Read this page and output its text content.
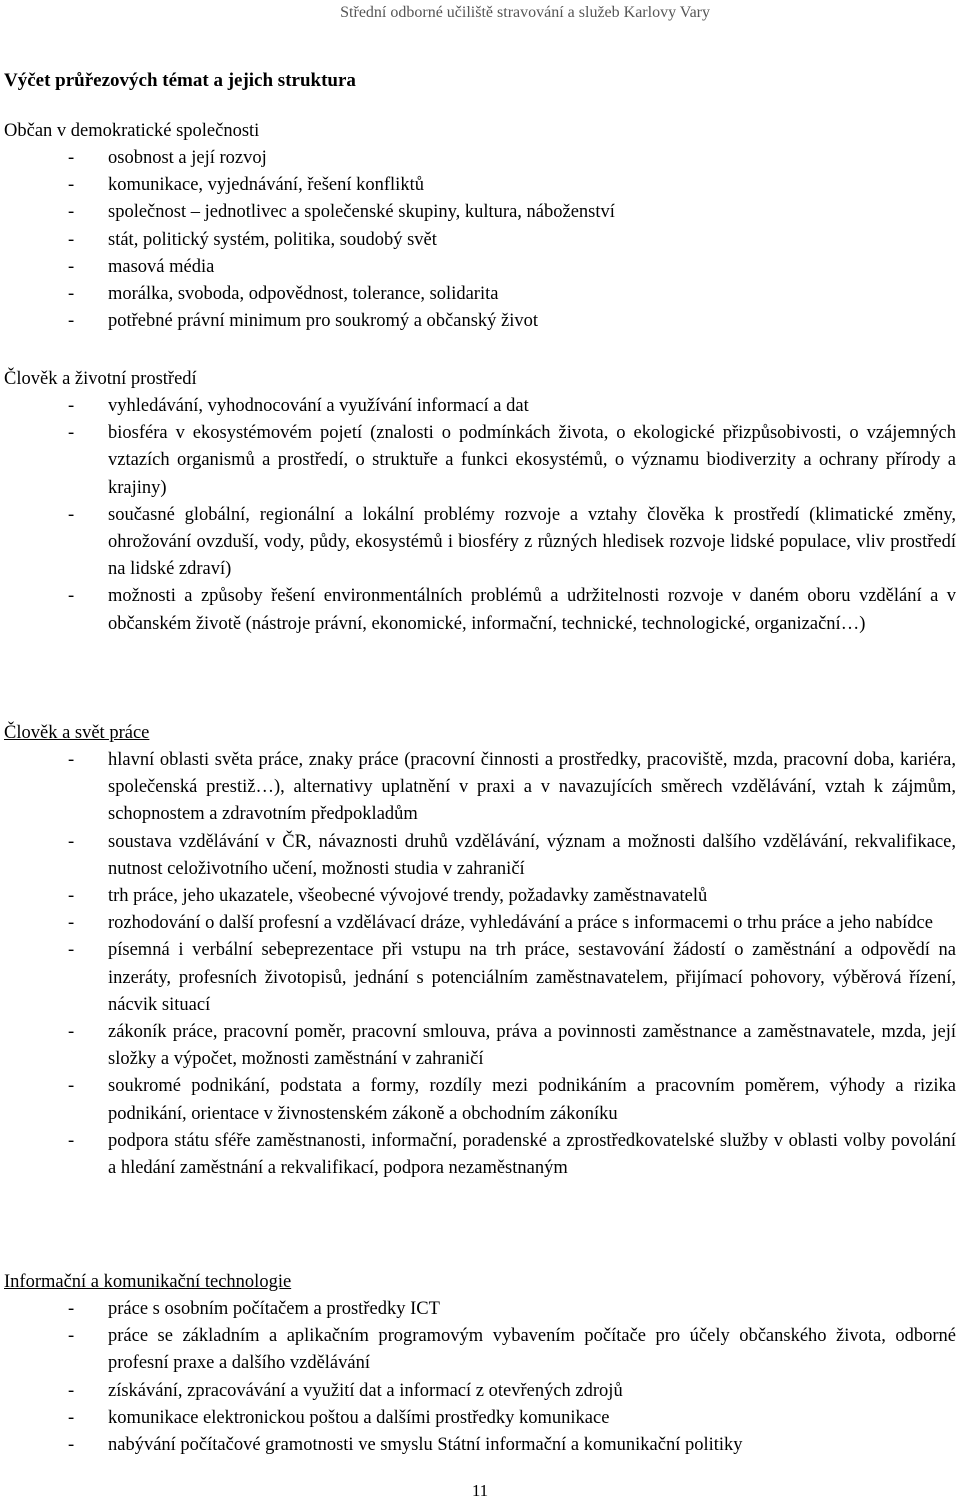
Střední odborné učiliště stravování a služeb Karlovy Vary
Výčet průřezových témat a jejich struktura
Občan v demokratické společnosti
- osobnost a její rozvoj
- komunikace, vyjednávání, řešení konfliktů
- společnost – jednotlivec a společenské skupiny, kultura, náboženství
- stát, politický systém, politika, soudobý svět
- masová média
- morálka, svoboda, odpovědnost, tolerance, solidarita
- potřebné právní minimum pro soukromý a občanský život
Člověk a životní prostředí
- vyhledávání, vyhodnocování a využívání informací a dat
- biosféra v ekosystémovém pojetí (znalosti o podmínkách života, o ekologické přizpůsobivosti, o vzájemných vztazích organismů a prostředí, o struktuře a funkci ekosystémů, o významu biodiverzity a ochrany přírody a krajiny)
- současné globální, regionální a lokální problémy rozvoje a vztahy člověka k prostředí (klimatické změny, ohrožování ovzduší, vody, půdy, ekosystémů i biosféry z různých hledisek rozvoje lidské populace, vliv prostředí na lidské zdraví)
- možnosti a způsoby řešení environmentálních problémů a udržitelnosti rozvoje v daném oboru vzdělání a v občanském životě (nástroje právní, ekonomické, informační, technické, technologické, organizační…)
Člověk a svět práce
- hlavní oblasti světa práce, znaky práce (pracovní činnosti a prostředky, pracoviště, mzda, pracovní doba, kariéra, společenská prestiž…), alternativy uplatnění v praxi a v navazujících směrech vzdělávání, vztah k zájmům, schopnostem a zdravotním předpokladům
- soustava vzdělávání v ČR, návaznosti druhů vzdělávání, význam a možnosti dalšího vzdělávání, rekvalifikace, nutnost celoživotního učení, možnosti studia v zahraničí
- trh práce, jeho ukazatele, všeobecné vývojové trendy, požadavky zaměstnavatelů
- rozhodování o další profesní a vzdělávací dráze, vyhledávání a práce s informacemi o trhu práce a jeho nabídce
- písemná i verbální sebeprezentace při vstupu na trh práce, sestavování žádostí o zaměstnání a odpovědí na inzeráty, profesních životopisů, jednání s potenciálním zaměstnavatelem, přijímací pohovory, výběrová řízení, nácvik situací
- zákoník práce, pracovní poměr, pracovní smlouva, práva a povinnosti zaměstnance a zaměstnavatele, mzda, její složky a výpočet, možnosti zaměstnání v zahraničí
- soukromé podnikání, podstata a formy, rozdíly mezi podnikáním a pracovním poměrem, výhody a rizika podnikání, orientace v živnostenském zákoně a obchodním zákoníku
- podpora státu sféře zaměstnanosti, informační, poradenské a zprostředkovatelské služby v oblasti volby povolání a hledání zaměstnání a rekvalifikací, podpora nezaměstnaným
Informační a komunikační technologie
- práce s osobním počítačem a prostředky ICT
- práce se základním a aplikačním programovým vybavením počítače pro účely občanského života, odborné profesní praxe a dalšího vzdělávání
- získávání, zpracovávání a využití dat a informací z otevřených zdrojů
- komunikace elektronickou poštou a dalšími prostředky komunikace
- nabývání počítačové gramotnosti ve smyslu Státní informační a komunikační politiky
11
